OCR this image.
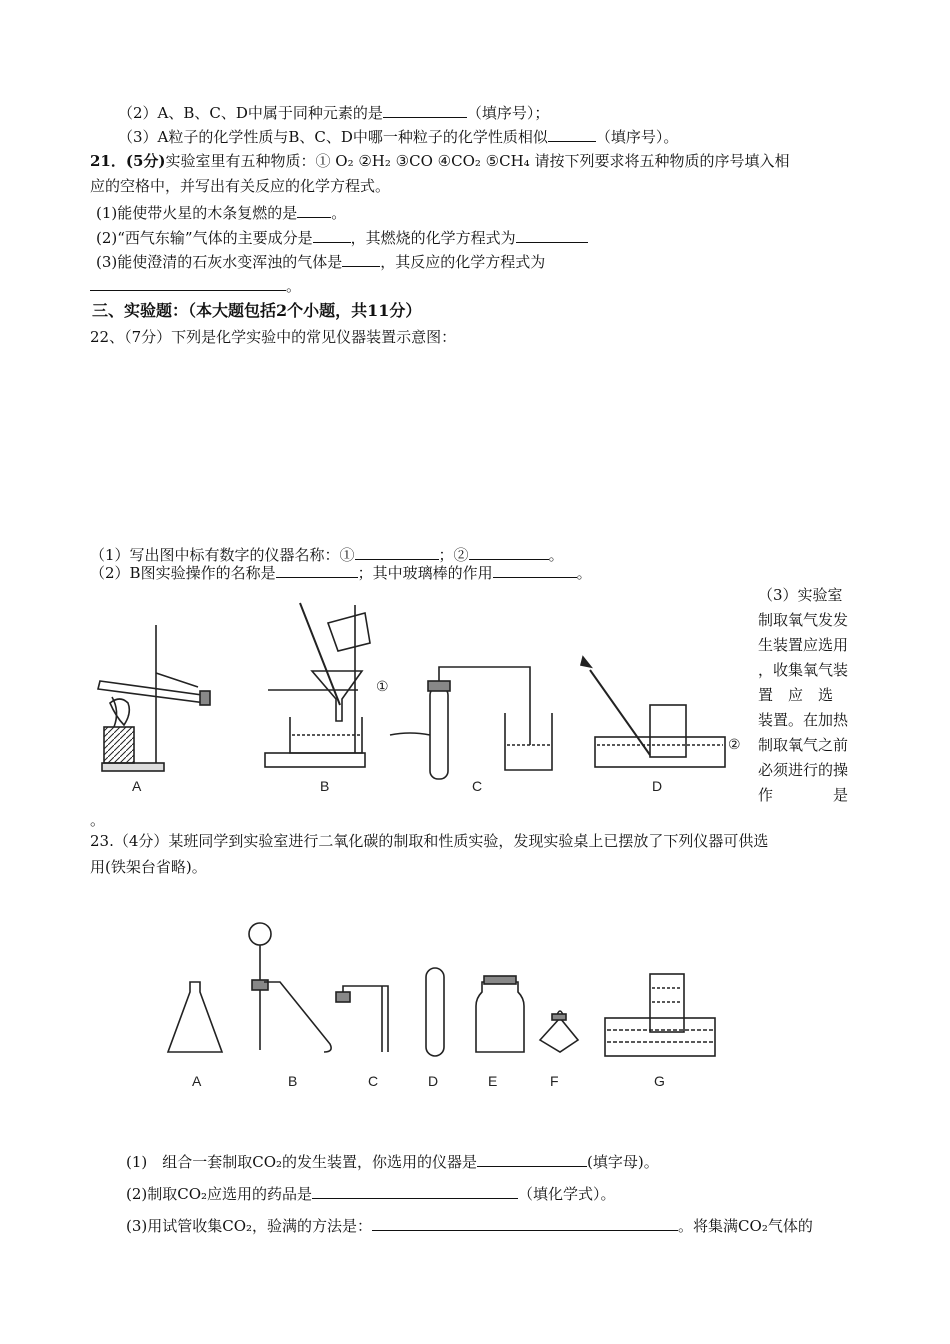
（2）A、B、C、D中属于同种元素的是	（填序号）；
（3）A粒子的化学性质与B、C、D中哪一种粒子的化学性质相似	（填序号）。
21．(5分)实验室里有五种物质：① O₂ ②H₂ ③CO ④CO₂ ⑤CH₄ 请按下列要求将五种物质的序号填入相
应的空格中，并写出有关反应的化学方程式。
(1)能使带火星的木条复燃的是 。
(2)“西气东输”气体的主要成分是	，其燃烧的化学方程式为
(3)能使澄清的石灰水变浑浊的气体是	，其反应的化学方程式为
。
三、实验题：（本大题包括2个小题，共11分）
22、（7分）下列是化学实验中的常见仪器装置示意图：
（1）写出图中标有数字的仪器名称：①	；②	。
（2）B图实验操作的名称是	；其中玻璃棒的作用	。
（3）实验室
制取氧气发发
生装置应选用
，收集氧气装
置　应　选
装置。在加热
制取氧气之前
必须进行的操
作　　　　是
。
①
②
A	B	C	D
23.（4分）某班同学到实验室进行二氧化碳的制取和性质实验，发现实验桌上已摆放了下列仪器可供选
用(铁架台省略)。
A	B	C	D	E	F	G
(1)　组合一套制取CO₂的发生装置，你选用的仪器是	(填字母)。
(2)制取CO₂应选用的药品是	（填化学式）。
(3)用试管收集CO₂，验满的方法是：	。将集满CO₂气体的
